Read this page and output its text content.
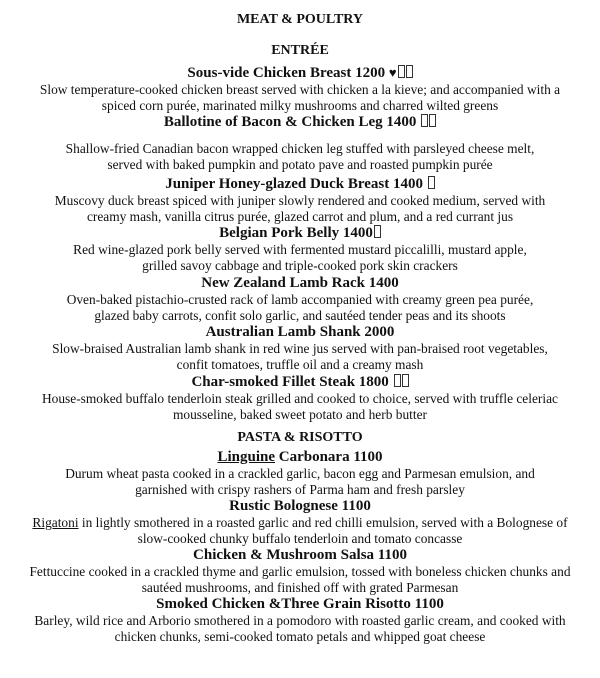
MEAT & POULTRY
ENTRÉE
Sous-vide Chicken Breast 1200 ♥
Slow temperature-cooked chicken breast served with chicken a la kieve; and accompanied with a
spiced corn purée, marinated milky mushrooms and charred wilted greens
Ballotine of Bacon & Chicken Leg 1400
Shallow-fried Canadian bacon wrapped chicken leg stuffed with parsleyed cheese melt,
served with baked pumpkin and potato pave and roasted pumpkin purée
Juniper Honey-glazed Duck Breast 1400
Muscovy duck breast spiced with juniper slowly rendered and cooked medium, served with
creamy mash, vanilla citrus purée, glazed carrot and plum, and a red currant jus
Belgian Pork Belly 1400
Red wine-glazed pork belly served with fermented mustard piccalilli, mustard apple,
grilled savoy cabbage and triple-cooked pork skin crackers
New Zealand Lamb Rack 1400
Oven-baked pistachio-crusted rack of lamb accompanied with creamy green pea purée,
glazed baby carrots, confit solo garlic, and sautéed tender peas and its shoots
Australian Lamb Shank 2000
Slow-braised Australian lamb shank in red wine jus served with pan-braised root vegetables,
confit tomatoes, truffle oil and a creamy mash
Char-smoked Fillet Steak 1800
House-smoked buffalo tenderloin steak grilled and cooked to choice, served with truffle celeriac
mousseline, baked sweet potato and herb butter
PASTA & RISOTTO
Linguine Carbonara 1100
Durum wheat pasta cooked in a crackled garlic, bacon egg and Parmesan emulsion, and
garnished with crispy rashers of Parma ham and fresh parsley
Rustic Bolognese 1100
Rigatoni in lightly smothered in a roasted garlic and red chilli emulsion, served with a Bolognese of
slow-cooked chunky buffalo tenderloin and tomato concasse
Chicken & Mushroom Salsa 1100
Fettuccine cooked in a crackled thyme and garlic emulsion, tossed with boneless chicken chunks and
sautéed mushrooms, and finished off with grated Parmesan
Smoked Chicken &Three Grain Risotto 1100
Barley, wild rice and Arborio smothered in a pomodoro with roasted garlic cream, and cooked with
chicken chunks, semi-cooked tomato petals and whipped goat cheese
